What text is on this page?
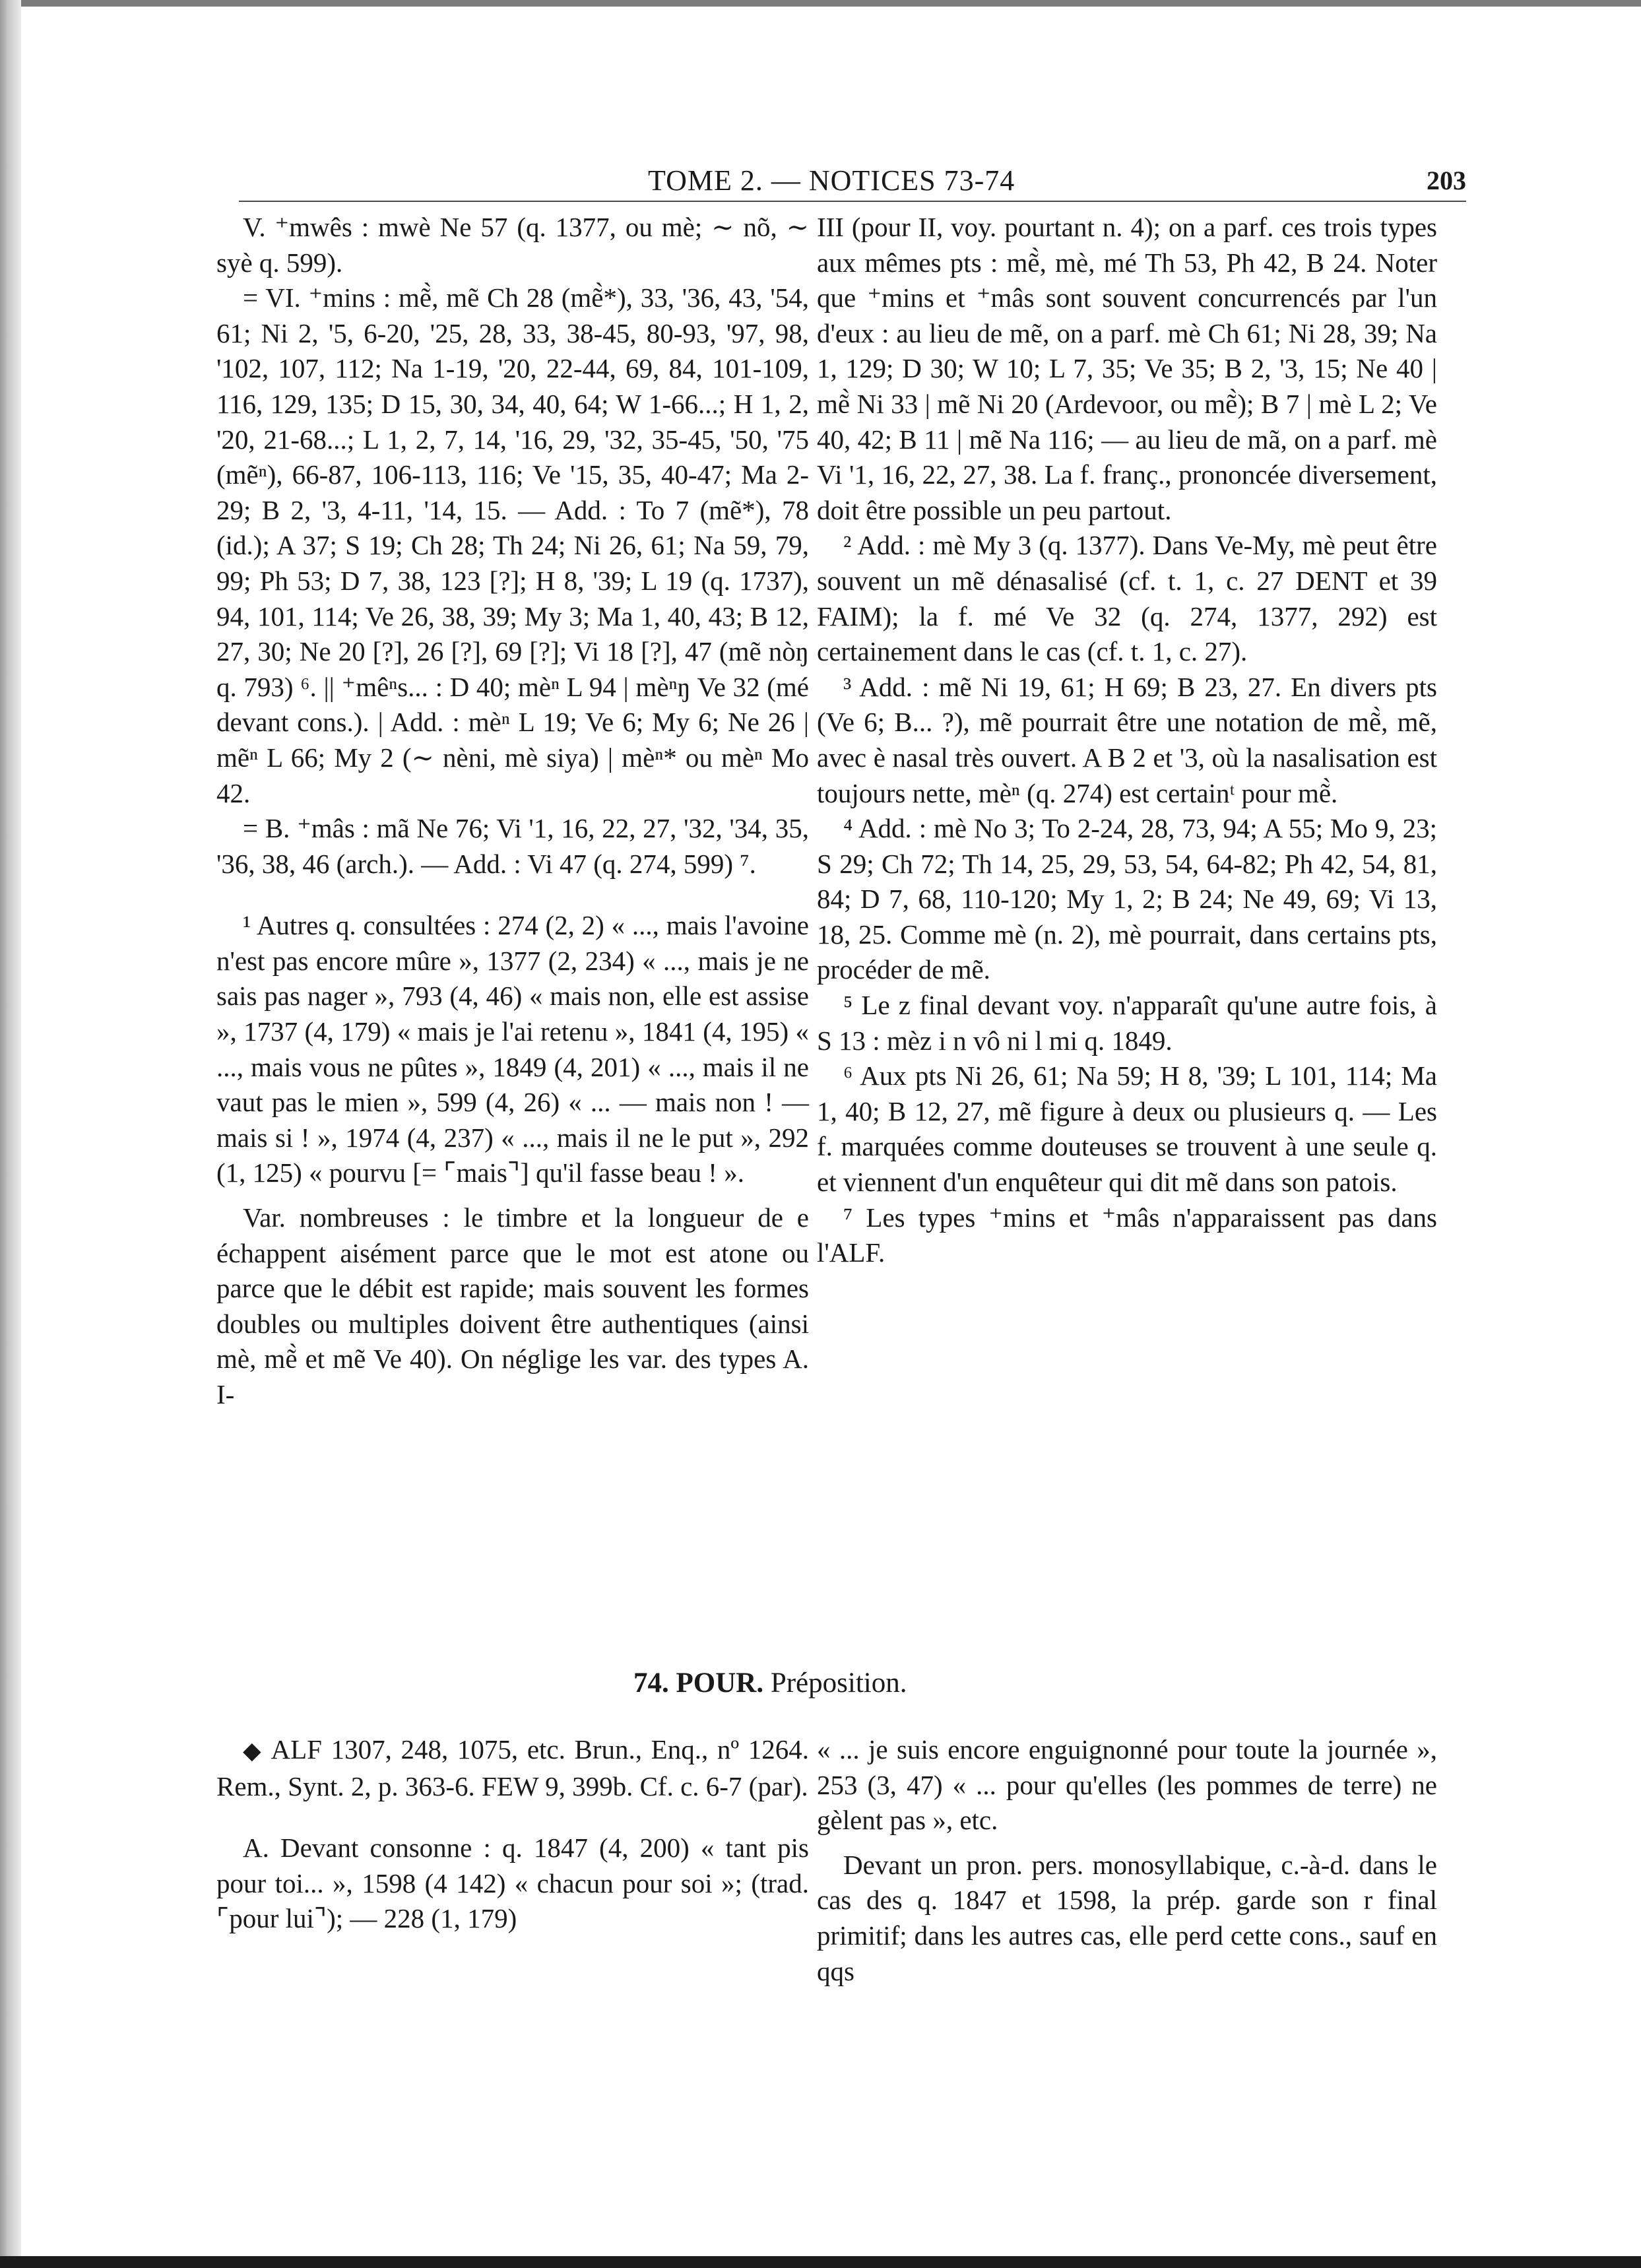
TOME 2. — NOTICES 73-74	203

V. ⁺mwês : mwè Ne 57 (q. 1377, ou mè; ∼ nõ, ∼ syè q. 599).

= VI. ⁺mins : mẽ̀, mẽ Ch 28 (mẽ̀*), 33, '36, 43, '54, 61; Ni 2, '5, 6-20, '25, 28, 33, 38-45, 80-93, '97, 98, '102, 107, 112; Na 1-19, '20, 22-44, 69, 84, 101-109, 116, 129, 135; D 15, 30, 34, 40, 64; W 1-66...; H 1, 2, '20, 21-68...; L 1, 2, 7, 14, '16, 29, '32, 35-45, '50, '75 (mẽⁿ), 66-87, 106-113, 116; Ve '15, 35, 40-47; Ma 2-29; B 2, '3, 4-11, '14, 15. — Add. : To 7 (mẽ*), 78 (id.); A 37; S 19; Ch 28; Th 24; Ni 26, 61; Na 59, 79, 99; Ph 53; D 7, 38, 123 [?]; H 8, '39; L 19 (q. 1737), 94, 101, 114; Ve 26, 38, 39; My 3; Ma 1, 40, 43; B 12, 27, 30; Ne 20 [?], 26 [?], 69 [?]; Vi 18 [?], 47 (mẽ nòŋ q. 793) ⁶. || ⁺mêⁿs... : D 40; mèⁿ L 94 | mèⁿŋ Ve 32 (mé devant cons.). | Add. : mèⁿ L 19; Ve 6; My 6; Ne 26 | mẽⁿ L 66; My 2 (∼ nèni, mè siya) | mèⁿ* ou mèⁿ Mo 42.

= B. ⁺mâs : mã Ne 76; Vi '1, 16, 22, 27, '32, '34, 35, '36, 38, 46 (arch.). — Add. : Vi 47 (q. 274, 599) ⁷.

¹ Autres q. consultées : 274 (2, 2) « ..., mais l'avoine n'est pas encore mûre », 1377 (2, 234) « ..., mais je ne sais pas nager », 793 (4, 46) « mais non, elle est assise », 1737 (4, 179) « mais je l'ai retenu », 1841 (4, 195) « ..., mais vous ne pûtes », 1849 (4, 201) « ..., mais il ne vaut pas le mien », 599 (4, 26) « ... — mais non ! — mais si ! », 1974 (4, 237) « ..., mais il ne le put », 292 (1, 125) « pourvu [= ⌜mais⌝] qu'il fasse beau ! ».

Var. nombreuses : le timbre et la longueur de e échappent aisément parce que le mot est atone ou parce que le débit est rapide; mais souvent les formes doubles ou multiples doivent être authentiques (ainsi mè, mẽ̀ et mẽ Ve 40). On néglige les var. des types A. I-

III (pour II, voy. pourtant n. 4); on a parf. ces trois types aux mêmes pts : mẽ̀, mè, mé Th 53, Ph 42, B 24. Noter que ⁺mins et ⁺mâs sont souvent concurrencés par l'un d'eux : au lieu de mẽ, on a parf. mè Ch 61; Ni 28, 39; Na 1, 129; D 30; W 10; L 7, 35; Ve 35; B 2, '3, 15; Ne 40 | mẽ̀ Ni 33 | mẽ Ni 20 (Ardevoor, ou mẽ̀); B 7 | mè L 2; Ve 40, 42; B 11 | mẽ Na 116; — au lieu de mã, on a parf. mè Vi '1, 16, 22, 27, 38. La f. franç., prononcée diversement, doit être possible un peu partout.

² Add. : mè My 3 (q. 1377). Dans Ve-My, mè peut être souvent un mẽ dénasalisé (cf. t. 1, c. 27 DENT et 39 FAIM); la f. mé Ve 32 (q. 274, 1377, 292) est certainement dans le cas (cf. t. 1, c. 27).

³ Add. : mẽ Ni 19, 61; H 69; B 23, 27. En divers pts (Ve 6; B... ?), mẽ pourrait être une notation de mẽ̀, mẽ, avec è nasal très ouvert. A B 2 et '3, où la nasalisation est toujours nette, mèⁿ (q. 274) est certainᵗ pour mẽ̀.

⁴ Add. : mè No 3; To 2-24, 28, 73, 94; A 55; Mo 9, 23; S 29; Ch 72; Th 14, 25, 29, 53, 54, 64-82; Ph 42, 54, 81, 84; D 7, 68, 110-120; My 1, 2; B 24; Ne 49, 69; Vi 13, 18, 25. Comme mè (n. 2), mè pourrait, dans certains pts, procéder de mẽ.

⁵ Le z final devant voy. n'apparaît qu'une autre fois, à S 13 : mèz i n vô ni l mi q. 1849.

⁶ Aux pts Ni 26, 61; Na 59; H 8, '39; L 101, 114; Ma 1, 40; B 12, 27, mẽ figure à deux ou plusieurs q. — Les f. marquées comme douteuses se trouvent à une seule q. et viennent d'un enquêteur qui dit mẽ dans son patois.

⁷ Les types ⁺mins et ⁺mâs n'apparaissent pas dans l'ALF.

74. POUR. Préposition.

◆ ALF 1307, 248, 1075, etc. Brun., Enq., nº 1264. Rem., Synt. 2, p. 363-6. FEW 9, 399b. Cf. c. 6-7 (par).

A. Devant consonne : q. 1847 (4, 200) « tant pis pour toi... », 1598 (4 142) « chacun pour soi »; (trad. ⌜pour lui⌝); — 228 (1, 179)

« ... je suis encore enguignonné pour toute la journée », 253 (3, 47) « ... pour qu'elles (les pommes de terre) ne gèlent pas », etc.

Devant un pron. pers. monosyllabique, c.-à-d. dans le cas des q. 1847 et 1598, la prép. garde son r final primitif; dans les autres cas, elle perd cette cons., sauf en qqs
